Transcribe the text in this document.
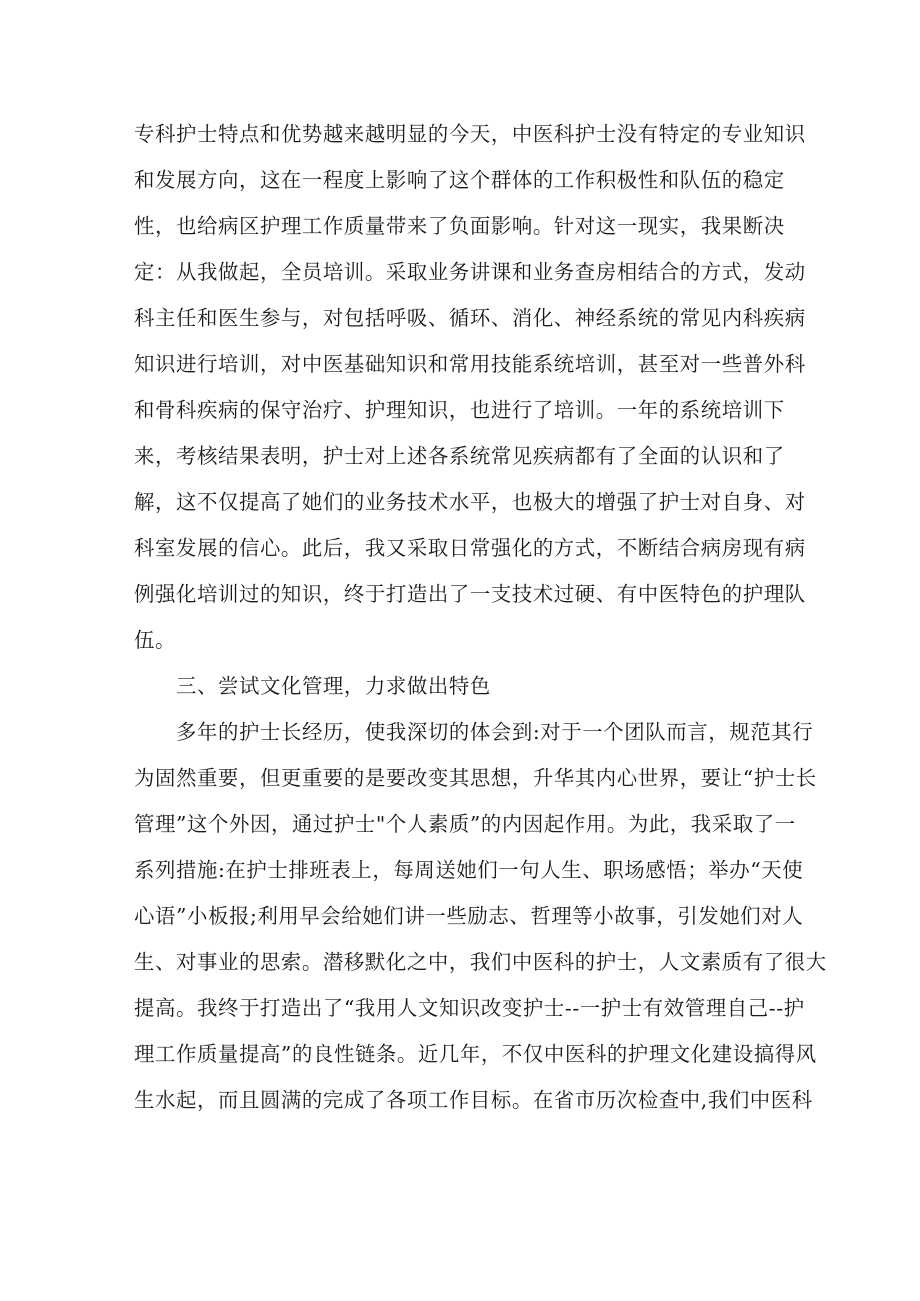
专科护士特点和优势越来越明显的今天，中医科护士没有特定的专业知识
和发展方向，这在一程度上影响了这个群体的工作积极性和队伍的稳定
性，也给病区护理工作质量带来了负面影响。针对这一现实，我果断决
定：从我做起，全员培训。采取业务讲课和业务查房相结合的方式，发动
科主任和医生参与，对包括呼吸、循环、消化、神经系统的常见内科疾病
知识进行培训，对中医基础知识和常用技能系统培训，甚至对一些普外科
和骨科疾病的保守治疗、护理知识，也进行了培训。一年的系统培训下
来，考核结果表明，护士对上述各系统常见疾病都有了全面的认识和了
解，这不仅提高了她们的业务技术水平，也极大的增强了护士对自身、对
科室发展的信心。此后，我又采取日常强化的方式，不断结合病房现有病
例强化培训过的知识，终于打造出了一支技术过硬、有中医特色的护理队
伍。
三、尝试文化管理，力求做出特色
多年的护士长经历，使我深切的体会到:对于一个团队而言，规范其行
为固然重要，但更重要的是要改变其思想，升华其内心世界，要让“护士长
管理”这个外因，通过护士"个人素质”的内因起作用。为此，我采取了一
系列措施:在护士排班表上，每周送她们一句人生、职场感悟；举办“天使
心语”小板报;利用早会给她们讲一些励志、哲理等小故事，引发她们对人
生、对事业的思索。潜移默化之中，我们中医科的护士，人文素质有了很大
提高。我终于打造出了“我用人文知识改变护士--一护士有效管理自己--护
理工作质量提高”的良性链条。近几年，不仅中医科的护理文化建设搞得风
生水起，而且圆满的完成了各项工作目标。在省市历次检查中,我们中医科
